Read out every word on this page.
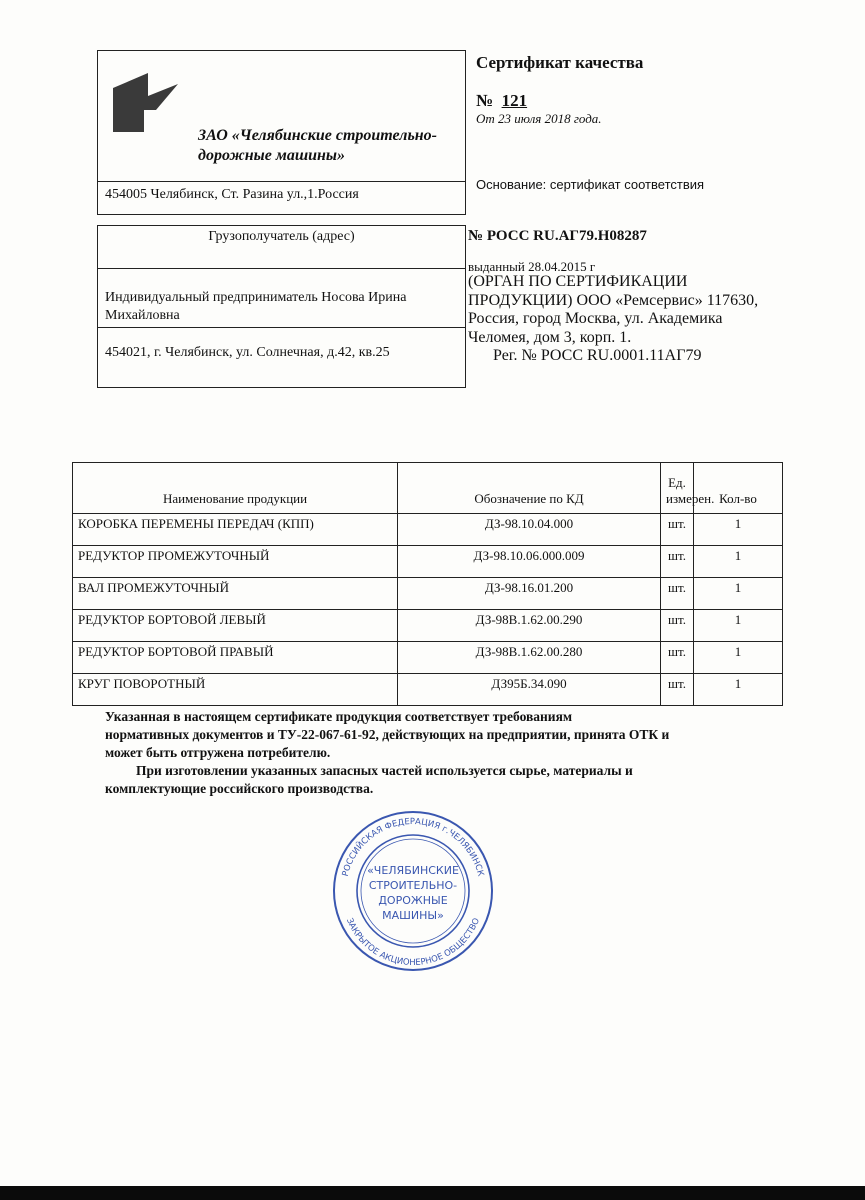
ЗАО «Челябинские строительно-
дорожные машины»
454005 Челябинск, Ст. Разина ул.,1.Россия
Сертификат качества
№ 121
От 23 июля 2018 года.
Основание: сертификат соответствия
Грузополучатель (адрес)
Индивидуальный предприниматель Носова Ирина
Михайловна
454021, г. Челябинск, ул. Солнечная, д.42, кв.25
№ РОСС RU.АГ79.Н08287
выданный 28.04.2015 г
(ОРГАН ПО СЕРТИФИКАЦИИ
ПРОДУКЦИИ) ООО «Ремсервис» 117630,
Россия, город Москва, ул. Академика
Челомея, дом 3, корп. 1.
Рег. № РОСС RU.0001.11АГ79
Наименование продукции	Обозначение по КД	Ед.
измерен.	Кол-во
КОРОБКА ПЕРЕМЕНЫ ПЕРЕДАЧ (КПП)	ДЗ-98.10.04.000	шт.	1
РЕДУКТОР ПРОМЕЖУТОЧНЫЙ	ДЗ-98.10.06.000.009	шт.	1
ВАЛ ПРОМЕЖУТОЧНЫЙ	ДЗ-98.16.01.200	шт.	1
РЕДУКТОР БОРТОВОЙ ЛЕВЫЙ	ДЗ-98В.1.62.00.290	шт.	1
РЕДУКТОР БОРТОВОЙ ПРАВЫЙ	ДЗ-98В.1.62.00.280	шт.	1
КРУГ ПОВОРОТНЫЙ	ДЗ95Б.34.090	шт.	1
Указанная в настоящем сертификате продукция соответствует требованиям
нормативных документов и ТУ-22-067-61-92, действующих на предприятии, принята ОТК и
может быть отгружена потребителю.
При изготовлении указанных запасных частей используется сырье, материалы и
комплектующие российского производства.
РОССИЙСКАЯ ФЕДЕРАЦИЯ г.ЧЕЛЯБИНСК
ЗАКРЫТОЕ АКЦИОНЕРНОЕ ОБЩЕСТВО
«ЧЕЛЯБИНСКИЕ
СТРОИТЕЛЬНО-
ДОРОЖНЫЕ
МАШИНЫ»
